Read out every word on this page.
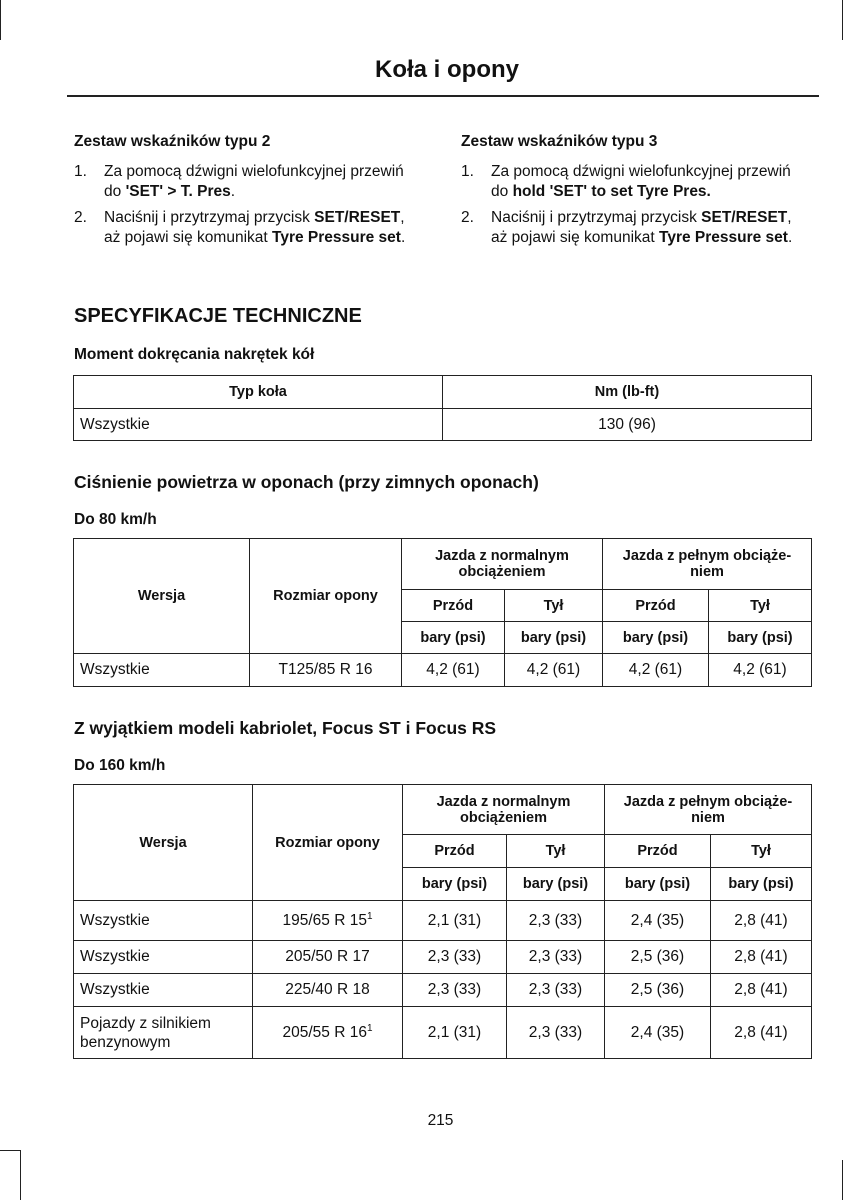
Koła i opony
Zestaw wskaźników typu 2
1.	Za pomocą dźwigni wielofunkcyjnej przewiń do 'SET' > T. Pres.
2.	Naciśnij i przytrzymaj przycisk SET/RESET, aż pojawi się komunikat Tyre Pressure set.
Zestaw wskaźników typu 3
1.	Za pomocą dźwigni wielofunkcyjnej przewiń do hold 'SET' to set Tyre Pres.
2.	Naciśnij i przytrzymaj przycisk SET/RESET, aż pojawi się komunikat Tyre Pressure set.
SPECYFIKACJE TECHNICZNE
Moment dokręcania nakrętek kół
Typ koła	Nm (lb-ft)
Wszystkie	130 (96)
Ciśnienie powietrza w oponach (przy zimnych oponach)
Do 80 km/h
Wersja	Rozmiar opony	Jazda z normalnym obciążeniem		Jazda z pełnym obciąże-niem	
		Przód	Tył	Przód	Tył
		bary (psi)	bary (psi)	bary (psi)	bary (psi)
Wszystkie	T125/85 R 16	4,2 (61)	4,2 (61)	4,2 (61)	4,2 (61)
Z wyjątkiem modeli kabriolet, Focus ST i Focus RS
Do 160 km/h
Wersja	Rozmiar opony	Jazda z normalnym obciążeniem		Jazda z pełnym obciąże-niem	
		Przód	Tył	Przód	Tył
		bary (psi)	bary (psi)	bary (psi)	bary (psi)
Wszystkie	195/65 R $15^1$	2,1 (31)	2,3 (33)	2,4 (35)	2,8 (41)
Wszystkie	205/50 R 17	2,3 (33)	2,3 (33)	2,5 (36)	2,8 (41)
Wszystkie	225/40 R 18	2,3 (33)	2,3 (33)	2,5 (36)	2,8 (41)
Pojazdy z silnikiem benzynowym	205/55 R $16^1$	2,1 (31)	2,3 (33)	2,4 (35)	2,8 (41)
215
